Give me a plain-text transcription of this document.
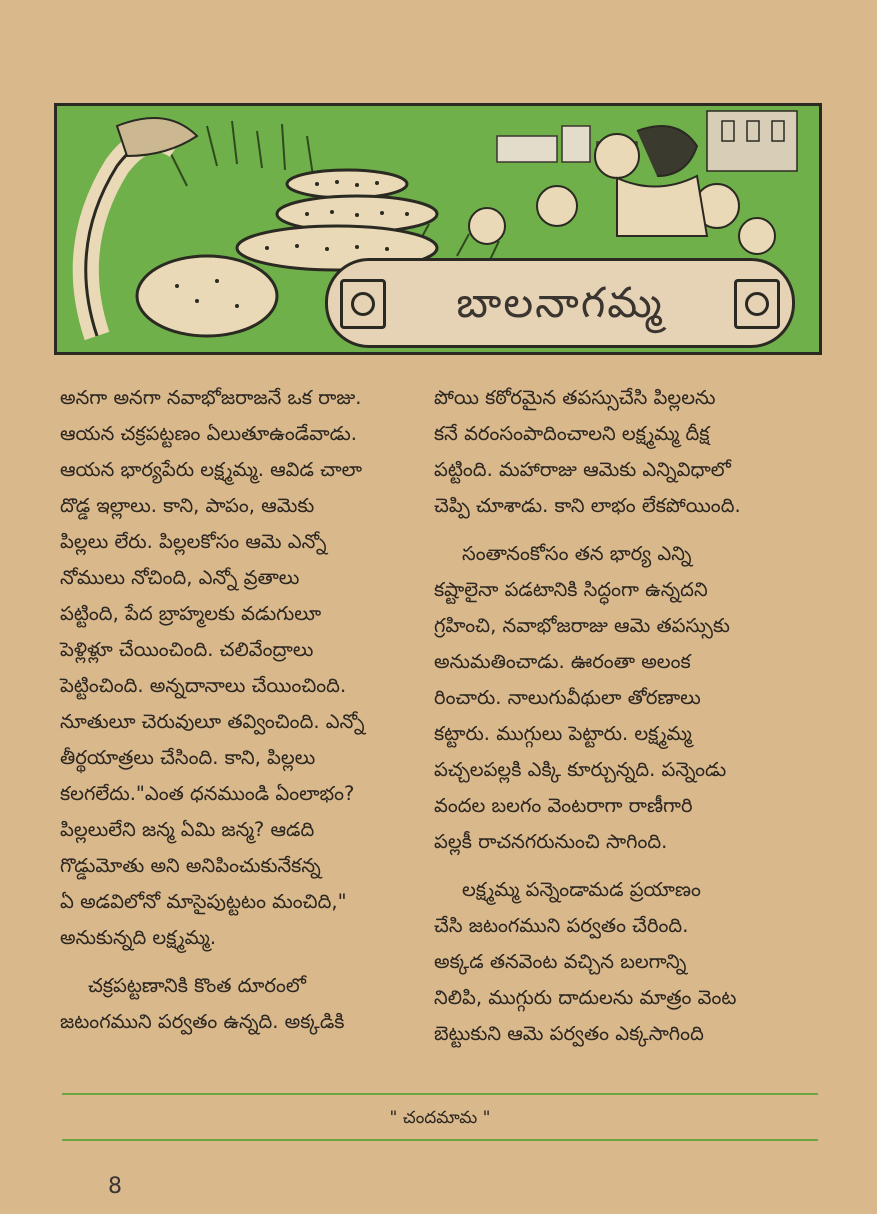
బాలనాగమ్మ

అనగా అనగా నవాభోజరాజనే ఒక రాజు.
ఆయన చక్రపట్టణం ఏలుతూఉండేవాడు.
ఆయన భార్యపేరు లక్ష్మమ్మ. ఆవిడ చాలా
దొడ్డ ఇల్లాలు. కాని, పాపం, ఆమెకు
పిల్లలు లేరు. పిల్లలకోసం ఆమె ఎన్నో
నోములు నోచింది, ఎన్నో వ్రతాలు
పట్టింది, పేద బ్రాహ్మలకు వడుగులూ
పెళ్లిళ్లూ చేయించింది. చలివేంద్రాలు
పెట్టించింది. అన్నదానాలు చేయించింది.
నూతులూ చెరువులూ తవ్వించింది. ఎన్నో
తీర్థయాత్రలు చేసింది. కాని, పిల్లలు
కలగలేదు."ఎంత ధనముండి ఏంలాభం?
పిల్లలులేని జన్మ ఏమి జన్మ? ఆడది
గొడ్డుమోతు అని అనిపించుకునేకన్న
ఏ అడవిలోనో మాసైపుట్టటం మంచిది,"
అనుకున్నది లక్ష్మమ్మ.

చక్రపట్టణానికి కొంత దూరంలో
జటంగముని పర్వతం ఉన్నది. అక్కడికి

పోయి కఠోరమైన తపస్సుచేసి పిల్లలను
కనే వరంసంపాదించాలని లక్ష్మమ్మ దీక్ష
పట్టింది. మహారాజు ఆమెకు ఎన్నివిధాలో
చెప్పి చూశాడు. కాని లాభం లేకపోయింది.

సంతానంకోసం తన భార్య ఎన్ని
కష్టాలైనా పడటానికి సిద్ధంగా ఉన్నదని
గ్రహించి, నవాభోజరాజు ఆమె తపస్సుకు
అనుమతించాడు. ఊరంతా అలంక
రించారు. నాలుగువీథులా తోరణాలు
కట్టారు. ముగ్గులు పెట్టారు. లక్ష్మమ్మ
పచ్చలపల్లకి ఎక్కి కూర్చున్నది. పన్నెండు
వందల బలగం వెంటరాగా రాణీగారి
పల్లకీ రాచనగరునుంచి సాగింది.

లక్ష్మమ్మ పన్నెండామడ ప్రయాణం
చేసి జటంగముని పర్వతం చేరింది.
అక్కడ తనవెంట వచ్చిన బలగాన్ని
నిలిపి, ముగ్గురు దాదులను మాత్రం వెంట
బెట్టుకుని ఆమె పర్వతం ఎక్కసాగింది

" చందమామ "
8
